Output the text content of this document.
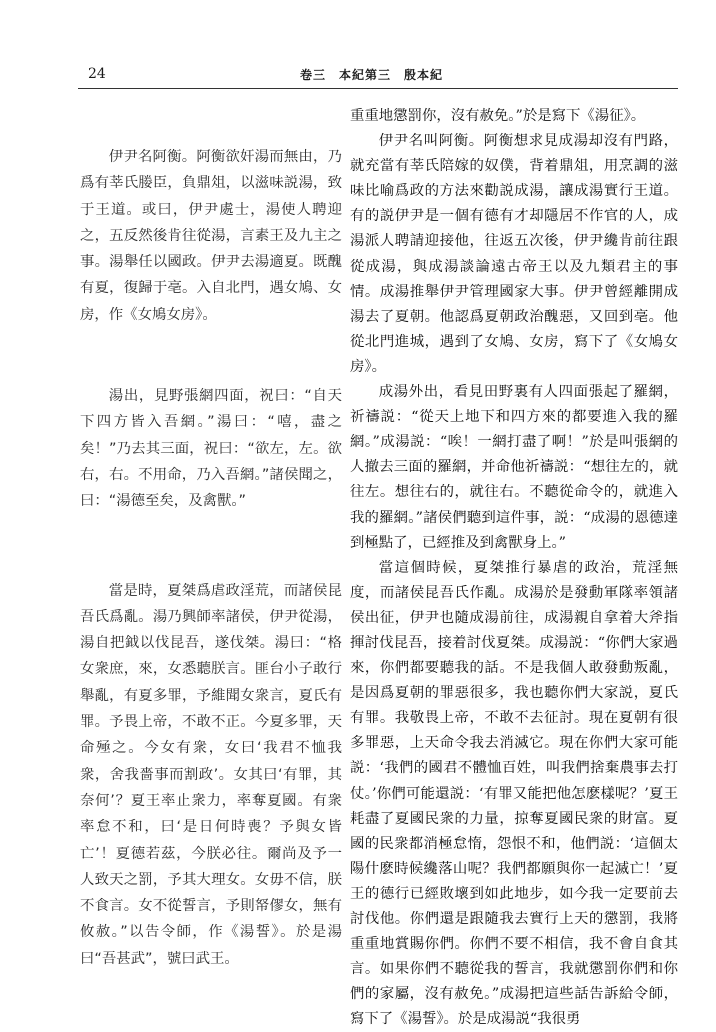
24	卷三　本紀第三　殷本紀

伊尹名阿衡。阿衡欲奸湯而無由，乃爲有莘氏媵臣，負鼎俎，以滋味説湯，致于王道。或曰，伊尹處士，湯使人聘迎之，五反然後肯往從湯，言素王及九主之事。湯舉任以國政。伊尹去湯適夏。既醜有夏，復歸于亳。入自北門，遇女鳩、女房，作《女鳩女房》。

湯出，見野張網四面，祝曰：“自天下四方皆入吾網。”湯曰：“嘻，盡之矣！”乃去其三面，祝曰：“欲左，左。欲右，右。不用命，乃入吾網。”諸侯聞之，曰：“湯德至矣，及禽獸。”

當是時，夏桀爲虐政淫荒，而諸侯昆吾氏爲亂。湯乃興師率諸侯，伊尹從湯，湯自把鉞以伐昆吾，遂伐桀。湯曰：“格女衆庶，來，女悉聽朕言。匪台小子敢行舉亂，有夏多罪，予維聞女衆言，夏氏有罪。予畏上帝，不敢不正。今夏多罪，天命殛之。今女有衆，女曰‘我君不恤我衆，舍我嗇事而割政’。女其曰‘有罪，其奈何’？夏王率止衆力，率奪夏國。有衆率怠不和，曰‘是日何時喪？予與女皆亡’！夏德若茲，今朕必往。爾尚及予一人致天之罰，予其大理女。女毋不信，朕不食言。女不從誓言，予則帑僇女，無有攸赦。”以告令師，作《湯誓》。於是湯曰“吾甚武”，號曰武王。

重重地懲罰你，沒有赦免。”於是寫下《湯征》。

伊尹名叫阿衡。阿衡想求見成湯却沒有門路，就充當有莘氏陪嫁的奴僕，背着鼎俎，用烹調的滋味比喻爲政的方法來勸説成湯，讓成湯實行王道。有的説伊尹是一個有德有才却隱居不作官的人，成湯派人聘請迎接他，往返五次後，伊尹纔肯前往跟從成湯，與成湯談論遠古帝王以及九類君主的事情。成湯推舉伊尹管理國家大事。伊尹曾經離開成湯去了夏朝。他認爲夏朝政治醜惡，又回到亳。他從北門進城，遇到了女鳩、女房，寫下了《女鳩女房》。

成湯外出，看見田野裏有人四面張起了羅網，祈禱説：“從天上地下和四方來的都要進入我的羅網。”成湯説：“唉！一網打盡了啊！”於是叫張網的人撤去三面的羅網，并命他祈禱説：“想往左的，就往左。想往右的，就往右。不聽從命令的，就進入我的羅網。”諸侯們聽到這件事，説：“成湯的恩德達到極點了，已經推及到禽獸身上。”

當這個時候，夏桀推行暴虐的政治，荒淫無度，而諸侯昆吾氏作亂。成湯於是發動軍隊率領諸侯出征，伊尹也隨成湯前往，成湯親自拿着大斧指揮討伐昆吾，接着討伐夏桀。成湯説：“你們大家過來，你們都要聽我的話。不是我個人敢發動叛亂，是因爲夏朝的罪惡很多，我也聽你們大家説，夏氏有罪。我敬畏上帝，不敢不去征討。現在夏朝有很多罪惡，上天命令我去消滅它。現在你們大家可能説：‘我們的國君不體恤百姓，叫我們捨棄農事去打仗。’你們可能還説：‘有罪又能把他怎麽樣呢？’夏王耗盡了夏國民衆的力量，掠奪夏國民衆的財富。夏國的民衆都消極怠惰，怨恨不和，他們説：‘這個太陽什麽時候纔落山呢？我們都願與你一起滅亡！’夏王的德行已經敗壞到如此地步，如今我一定要前去討伐他。你們還是跟隨我去實行上天的懲罰，我將重重地賞賜你們。你們不要不相信，我不會自食其言。如果你們不聽從我的誓言，我就懲罰你們和你們的家屬，沒有赦免。”成湯把這些話告訴給令師，寫下了《湯誓》。於是成湯説“我很勇
